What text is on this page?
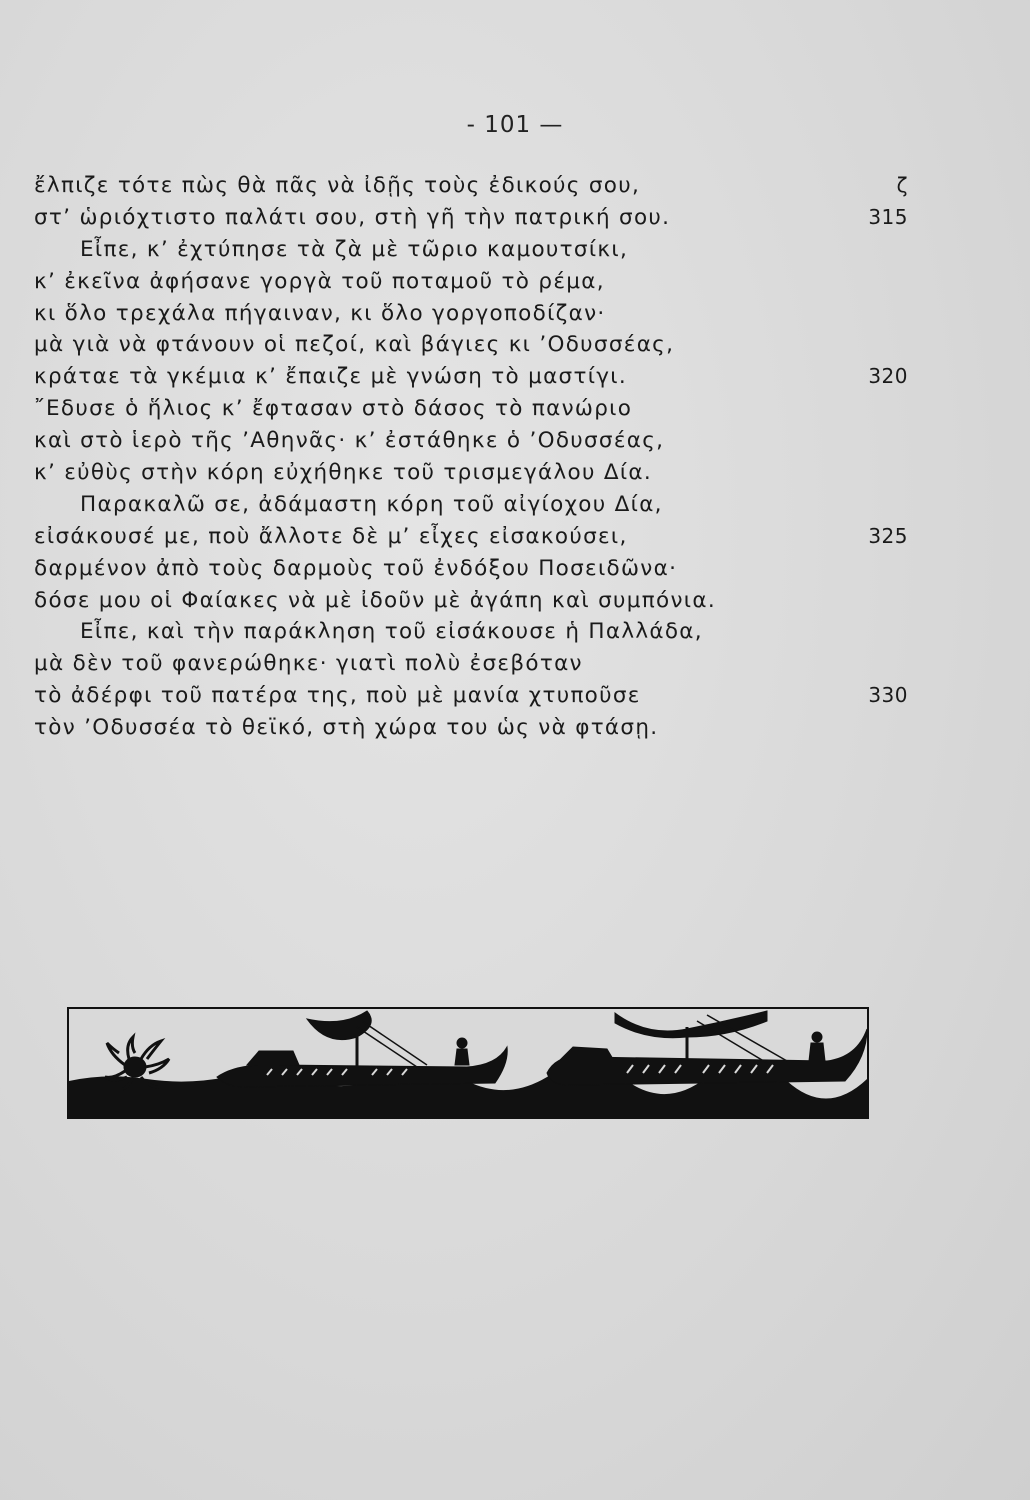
- 101 —
ἔλπιζε τότε πὼς θὰ πᾶς νὰ ἰδῇς τοὺς ἐδικούς σου,	ζ
στ’ ὡριόχτιστο παλάτι σου, στὴ γῆ τὴν πατρική σου.	315
Εἶπε, κ’ ἐχτύπησε τὰ ζὰ μὲ τῶριο καμουτσίκι,
κ’ ἐκεῖνα ἀφήσανε γοργὰ τοῦ ποταμοῦ τὸ ρέμα,
κι ὅλο τρεχάλα πήγαιναν, κι ὅλο γοργοποδίζαν·
μὰ γιὰ νὰ φτάνουν οἱ πεζοί, καὶ βάγιες κι ’Οδυσσέας,
κράταε τὰ γκέμια κ’ ἔπαιζε μὲ γνώση τὸ μαστίγι.	320
῎Εδυσε ὁ ἥλιος κ’ ἔφτασαν στὸ δάσος τὸ πανώριο
καὶ στὸ ἱερὸ τῆς ’Αθηνᾶς· κ’ ἐστάθηκε ὁ ’Οδυσσέας,
κ’ εὐθὺς στὴν κόρη εὐχήθηκε τοῦ τρισμεγάλου Δία.
Παρακαλῶ σε, ἀδάμαστη κόρη τοῦ αἰγίοχου Δία,
εἰσάκουσέ με, ποὺ ἄλλοτε δὲ μ’ εἶχες εἰσακούσει,	325
δαρμένον ἀπὸ τοὺς δαρμοὺς τοῦ ἐνδόξου Ποσειδῶνα·
δόσε μου οἱ Φαίακες νὰ μὲ ἰδοῦν μὲ ἀγάπη καὶ συμπόνια.
Εἶπε, καὶ τὴν παράκληση τοῦ εἰσάκουσε ἡ Παλλάδα,
μὰ δὲν τοῦ φανερώθηκε· γιατὶ πολὺ ἐσεβόταν
τὸ ἀδέρφι τοῦ πατέρα της, ποὺ μὲ μανία χτυποῦσε	330
τὸν ’Οδυσσέα τὸ θεϊκό, στὴ χώρα του ὡς νὰ φτάσῃ.
